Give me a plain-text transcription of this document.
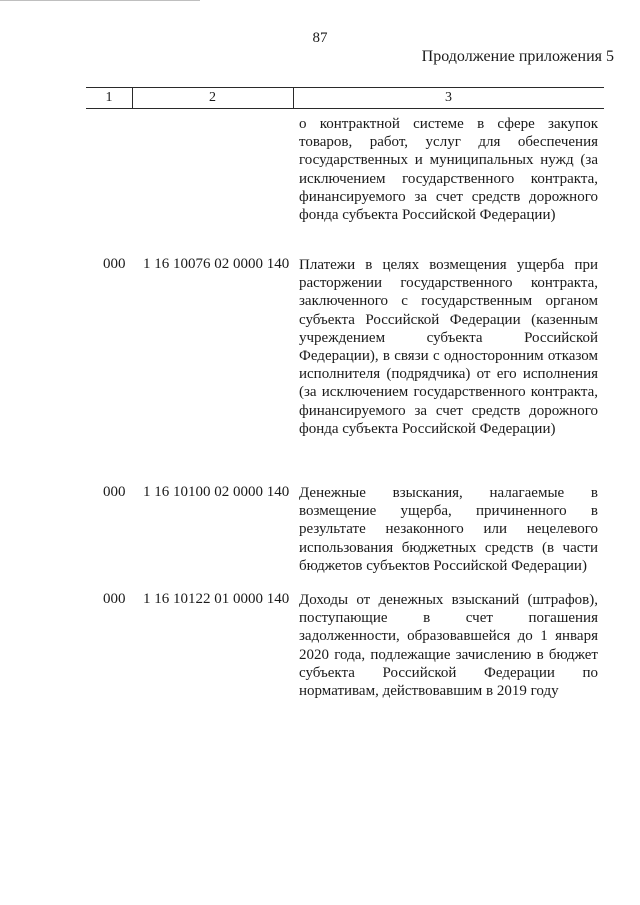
87
Продолжение приложения 5
1	2	3
о контрактной системе в сфере закупок товаров, работ, услуг для обеспечения государственных и муниципальных нужд (за исключением государственного контракта, финансируемого за счет средств дорожного фонда субъекта Российской Федерации)
000 1 16 10076 02 0000 140 Платежи в целях возмещения ущерба при расторжении государственного контракта, заключенного с государственным органом субъекта Российской Федерации (казенным учреждением субъекта Российской Федерации), в связи с односторонним отказом исполнителя (подрядчика) от его исполнения (за исключением государственного контракта, финансируемого за счет средств дорожного фонда субъекта Российской Федерации)
000 1 16 10100 02 0000 140 Денежные взыскания, налагаемые в возмещение ущерба, причиненного в результате незаконного или нецелевого использования бюджетных средств (в части бюджетов субъектов Российской Федерации)
000 1 16 10122 01 0000 140 Доходы от денежных взысканий (штрафов), поступающие в счет погашения задолженности, образовавшейся до 1 января 2020 года, подлежащие зачислению в бюджет субъекта Российской Федерации по нормативам, действовавшим в 2019 году
